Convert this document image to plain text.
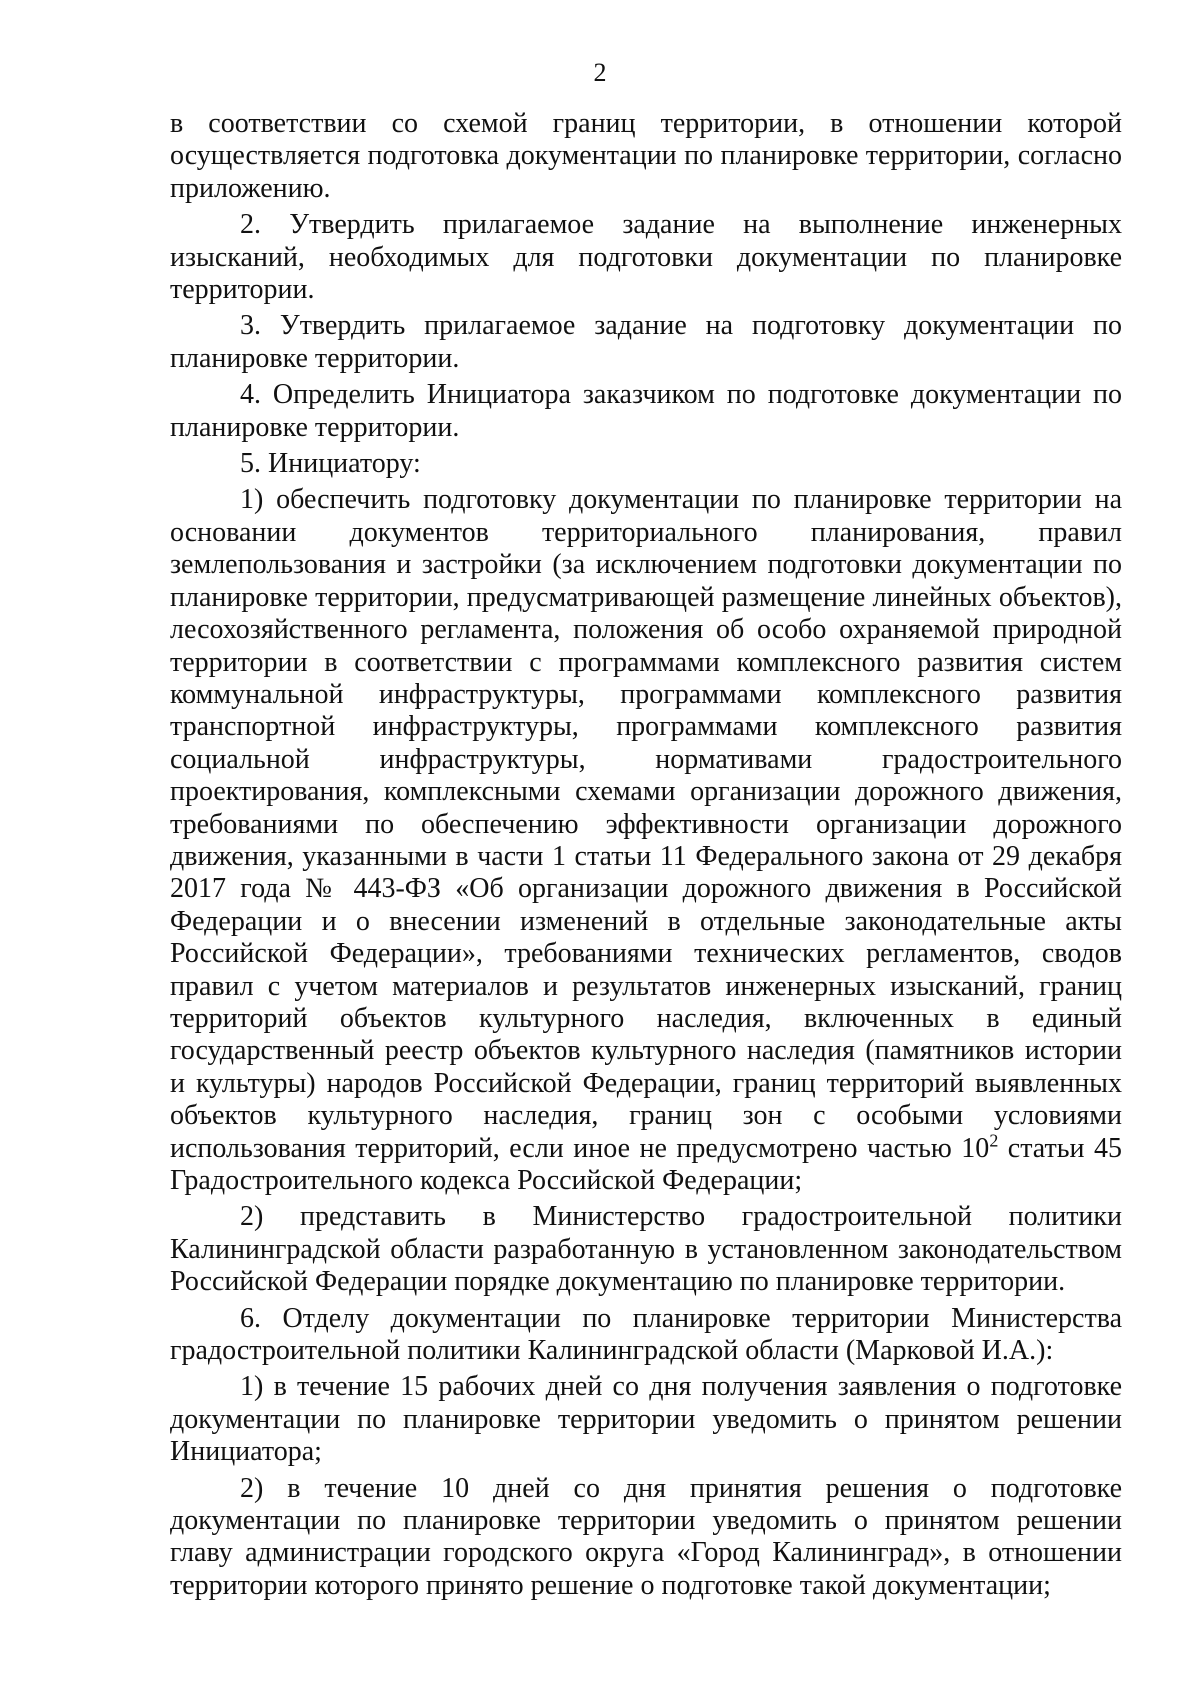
2

в соответствии со схемой границ территории, в отношении которой осуществляется подготовка документации по планировке территории, согласно приложению.

2. Утвердить прилагаемое задание на выполнение инженерных изысканий, необходимых для подготовки документации по планировке территории.

3. Утвердить прилагаемое задание на подготовку документации по планировке территории.

4. Определить Инициатора заказчиком по подготовке документации по планировке территории.

5. Инициатору:

1) обеспечить подготовку документации по планировке территории на основании документов территориального планирования, правил землепользования и застройки (за исключением подготовки документации по планировке территории, предусматривающей размещение линейных объектов), лесохозяйственного регламента, положения об особо охраняемой природной территории в соответствии с программами комплексного развития систем коммунальной инфраструктуры, программами комплексного развития транспортной инфраструктуры, программами комплексного развития социальной инфраструктуры, нормативами градостроительного проектирования, комплексными схемами организации дорожного движения, требованиями по обеспечению эффективности организации дорожного движения, указанными в части 1 статьи 11 Федерального закона от 29 декабря 2017 года № 443-ФЗ «Об организации дорожного движения в Российской Федерации и о внесении изменений в отдельные законодательные акты Российской Федерации», требованиями технических регламентов, сводов правил с учетом материалов и результатов инженерных изысканий, границ территорий объектов культурного наследия, включенных в единый государственный реестр объектов культурного наследия (памятников истории и культуры) народов Российской Федерации, границ территорий выявленных объектов культурного наследия, границ зон с особыми условиями использования территорий, если иное не предусмотрено частью $10^2$ статьи 45 Градостроительного кодекса Российской Федерации;

2) представить в Министерство градостроительной политики Калининградской области разработанную в установленном законодательством Российской Федерации порядке документацию по планировке территории.

6. Отделу документации по планировке территории Министерства градостроительной политики Калининградской области (Марковой И.А.):

1) в течение 15 рабочих дней со дня получения заявления о подготовке документации по планировке территории уведомить о принятом решении Инициатора;

2) в течение 10 дней со дня принятия решения о подготовке документации по планировке территории уведомить о принятом решении главу администрации городского округа «Город Калининград», в отношении территории которого принято решение о подготовке такой документации;
